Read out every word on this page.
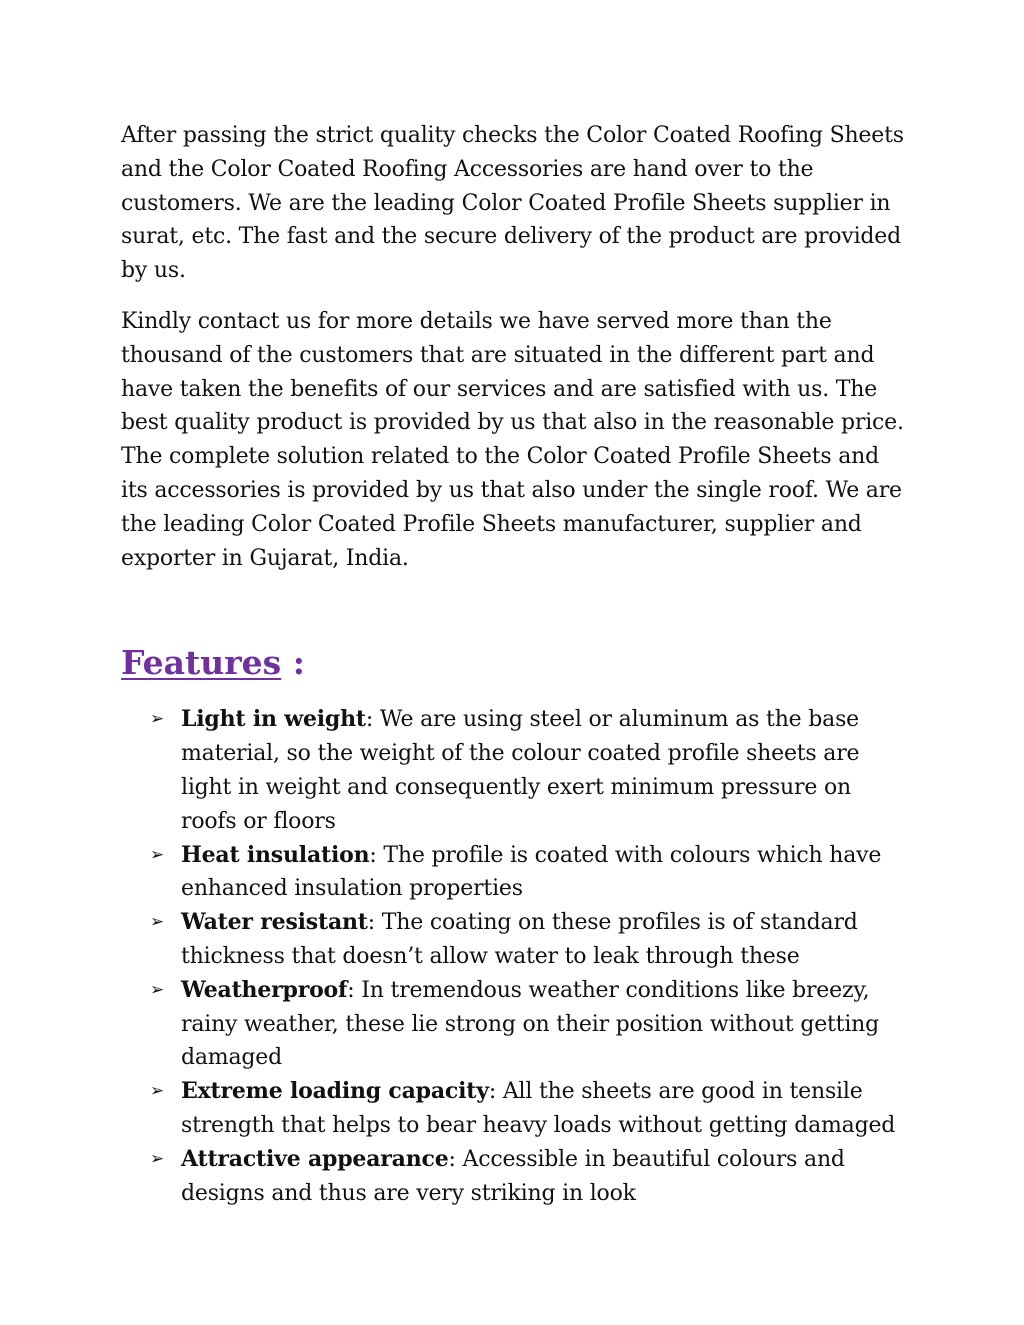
After passing the strict quality checks the Color Coated Roofing Sheets and the Color Coated Roofing Accessories are hand over to the customers. We are the leading Color Coated Profile Sheets supplier in surat, etc. The fast and the secure delivery of the product are provided by us.

Kindly contact us for more details we have served more than the thousand of the customers that are situated in the different part and have taken the benefits of our services and are satisfied with us. The best quality product is provided by us that also in the reasonable price. The complete solution related to the Color Coated Profile Sheets and its accessories is provided by us that also under the single roof. We are the leading Color Coated Profile Sheets manufacturer, supplier and exporter in Gujarat, India.

Features :
➢ Light in weight: We are using steel or aluminum as the base material, so the weight of the colour coated profile sheets are light in weight and consequently exert minimum pressure on roofs or floors
➢ Heat insulation: The profile is coated with colours which have enhanced insulation properties
➢ Water resistant: The coating on these profiles is of standard thickness that doesn’t allow water to leak through these
➢ Weatherproof: In tremendous weather conditions like breezy, rainy weather, these lie strong on their position without getting damaged
➢ Extreme loading capacity: All the sheets are good in tensile strength that helps to bear heavy loads without getting damaged
➢ Attractive appearance: Accessible in beautiful colours and designs and thus are very striking in look
